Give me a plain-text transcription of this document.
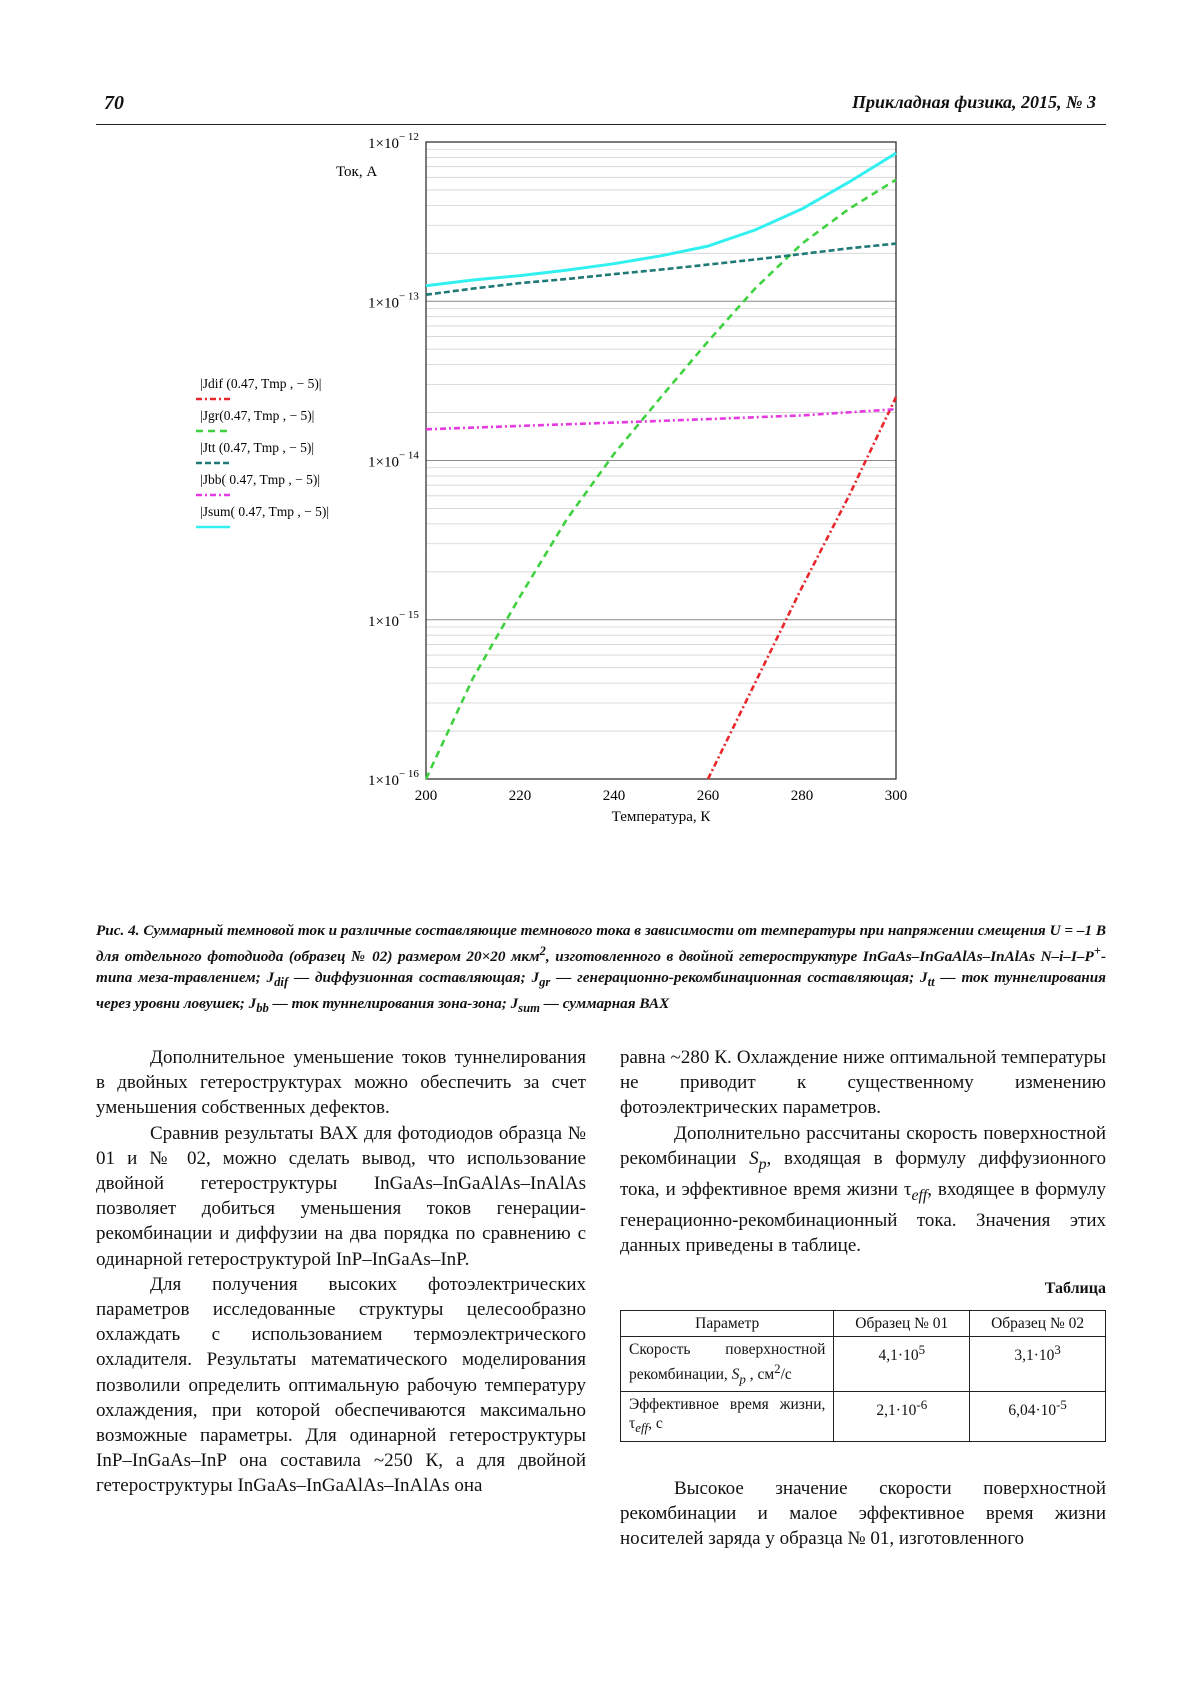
70	Прикладная физика, 2015, № 3
$1\times 10^{- 12}$
$1\times 10^{- 13}$
$1\times 10^{- 14}$
$1\times 10^{- 15}$
$1\times 10^{- 16}$
200	220	240	260	280	300
Ток, А
Температура, К
|Jdif (0.47, Tmp , − 5)|
|Jgr(0.47, Tmp , − 5)|
|Jtt (0.47, Tmp , − 5)|
|Jbb( 0.47, Tmp , − 5)|
|Jsum( 0.47, Tmp , − 5)|
Рис. 4. Суммарный темновой ток и различные составляющие темнового тока в зависимости от температуры при напряжении смещения U = –1 В для отдельного фотодиода (образец № 02) размером 20×20 мкм$^2$, изготовленного в двойной гетероструктуре InGaAs–InGaAlAs–InAlAs N–i–I–P+-типа меза-травлением; $J_{dif}$ — диффузионная составляющая; $J_{gr}$ — генерационно-рекомбинационная составляющая; $J_{tt}$ — ток туннелирования через уровни ловушек; $J_{bb}$ — ток туннелирования зона-зона; $J_{sum}$ — суммарная ВАХ

Дополнительное уменьшение токов туннелирования в двойных гетероструктурах можно обеспечить за счет уменьшения собственных дефектов.

Сравнив результаты ВАХ для фотодиодов образца № 01 и № 02, можно сделать вывод, что использование двойной гетероструктуры InGaAs–InGaAlAs–InAlAs позволяет добиться уменьшения токов генерации-рекомбинации и диффузии на два порядка по сравнению с одинарной гетероструктурой InP–InGaAs–InP.

Для получения высоких фотоэлектрических параметров исследованные структуры целесообразно охлаждать с использованием термоэлектрического охладителя. Результаты математического моделирования позволили определить оптимальную рабочую температуру охлаждения, при которой обеспечиваются максимально возможные параметры. Для одинарной гетероструктуры InP–InGaAs–InP она составила ~250 К, а для двойной гетероструктуры InGaAs–InGaAlAs–InAlAs она

равна ~280 К. Охлаждение ниже оптимальной температуры не приводит к существенному изменению фотоэлектрических параметров.

Дополнительно рассчитаны скорость поверхностной рекомбинации $S_p$, входящая в формулу диффузионного тока, и эффективное время жизни $\tau_{eff}$, входящее в формулу генерационно-рекомбинационный тока. Значения этих данных приведены в таблице.

Таблица
Параметр	Образец № 01	Образец № 02
Скорость поверхностной рекомбинации, $S_p$ , $см^2/с$	$4,1\cdot 10^5$	$3,1\cdot 10^3$
Эффективное время жизни, $\tau_{eff}$, с	$2,1\cdot 10^{-6}$	$6,04\cdot 10^{-5}$

Высокое значение скорости поверхностной рекомбинации и малое эффективное время жизни носителей заряда у образца № 01, изготовленного
